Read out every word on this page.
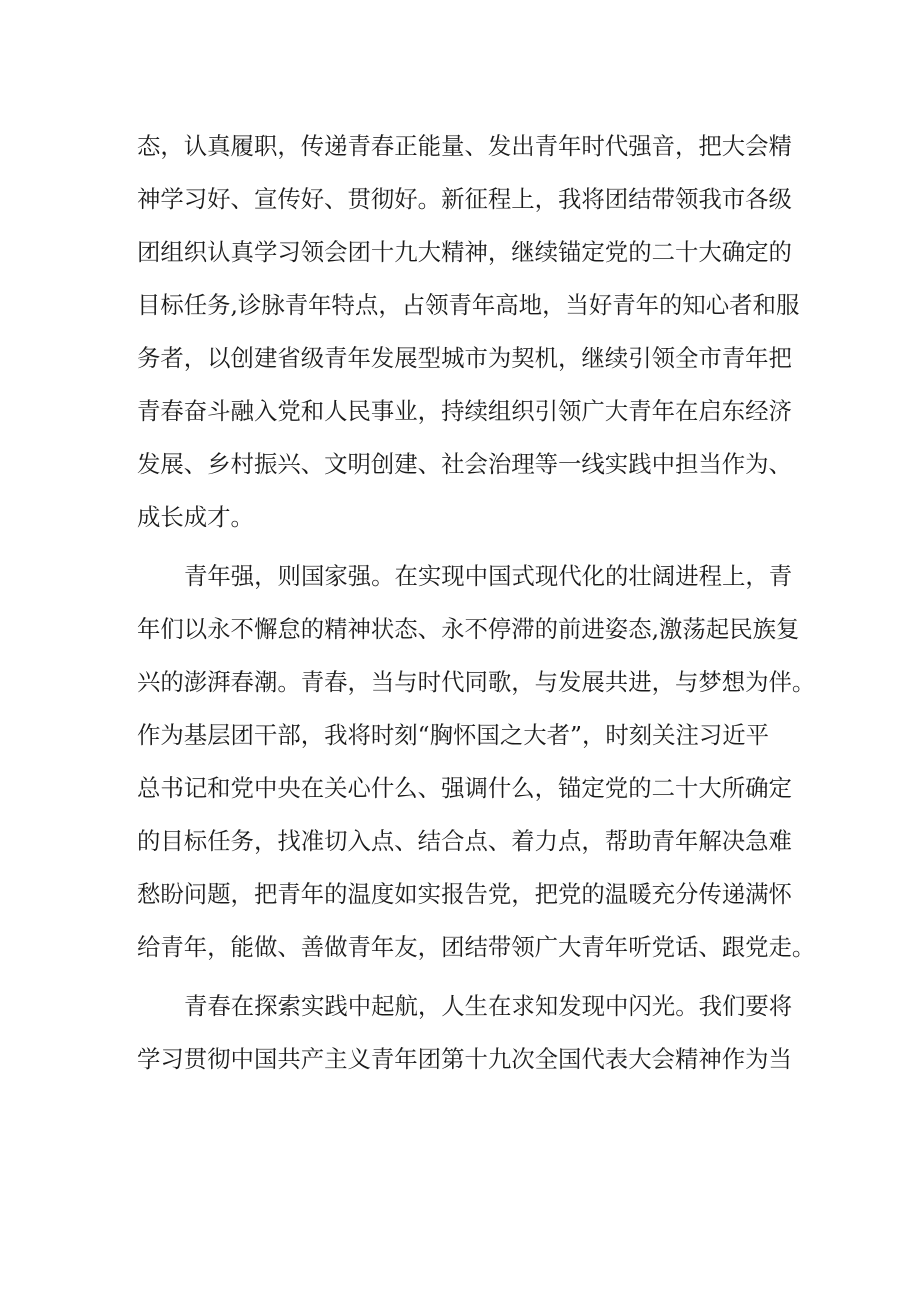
态，认真履职，传递青春正能量、发出青年时代强音，把大会精
神学习好、宣传好、贯彻好。新征程上，我将团结带领我市各级
团组织认真学习领会团十九大精神，继续锚定党的二十大确定的
目标任务,诊脉青年特点，占领青年高地，当好青年的知心者和服
务者，以创建省级青年发展型城市为契机，继续引领全市青年把
青春奋斗融入党和人民事业，持续组织引领广大青年在启东经济
发展、乡村振兴、文明创建、社会治理等一线实践中担当作为、
成长成才。
青年强，则国家强。在实现中国式现代化的壮阔进程上，青
年们以永不懈怠的精神状态、永不停滞的前进姿态,激荡起民族复
兴的澎湃春潮。青春，当与时代同歌，与发展共进，与梦想为伴。
作为基层团干部，我将时刻“胸怀国之大者”，时刻关注习近平
总书记和党中央在关心什么、强调什么，锚定党的二十大所确定
的目标任务，找准切入点、结合点、着力点，帮助青年解决急难
愁盼问题，把青年的温度如实报告党，把党的温暖充分传递满怀
给青年，能做、善做青年友，团结带领广大青年听党话、跟党走。
青春在探索实践中起航，人生在求知发现中闪光。我们要将
学习贯彻中国共产主义青年团第十九次全国代表大会精神作为当
